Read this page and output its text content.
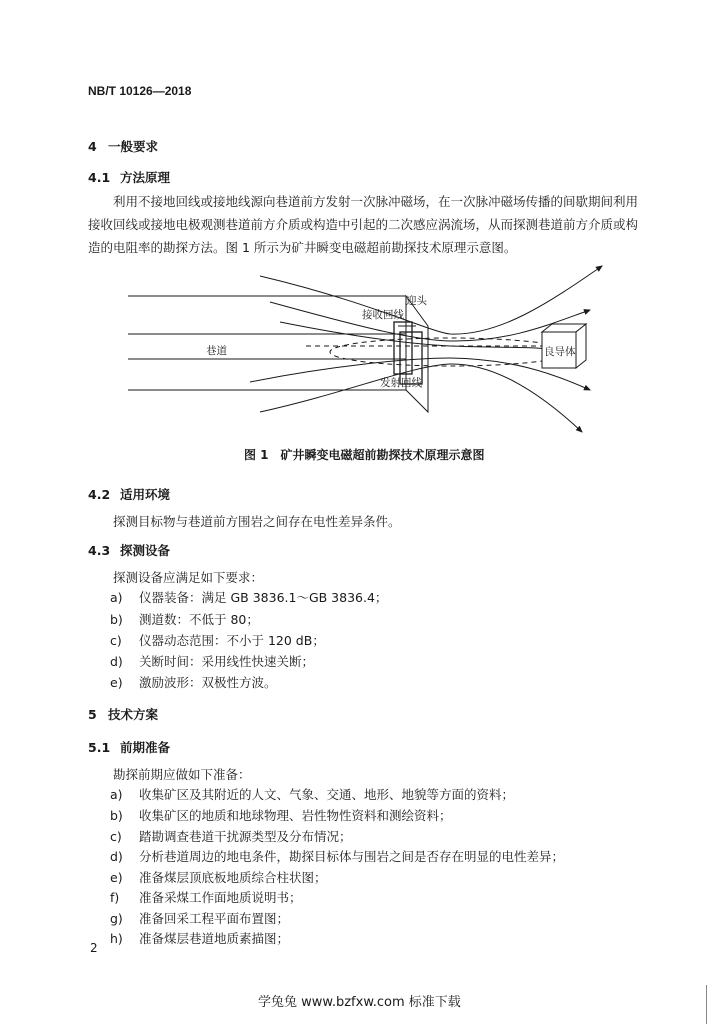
NB/T 10126—2018
4 一般要求
4.1 方法原理
利用不接地回线或接地线源向巷道前方发射一次脉冲磁场，在一次脉冲磁场传播的间歇期间利用
接收回线或接地电极观测巷道前方介质或构造中引起的二次感应涡流场，从而探测巷道前方介质或构
造的电阻率的勘探方法。图 1 所示为矿井瞬变电磁超前勘探技术原理示意图。
迎头
接收回线
巷道
发射回线
良导体
图 1　矿井瞬变电磁超前勘探技术原理示意图
4.2 适用环境
探测目标物与巷道前方围岩之间存在电性差异条件。
4.3 探测设备
探测设备应满足如下要求：
a) 仪器装备：满足 GB 3836.1～GB 3836.4；
b) 测道数：不低于 80；
c) 仪器动态范围：不小于 120 dB；
d) 关断时间：采用线性快速关断；
e) 激励波形：双极性方波。
5 技术方案
5.1 前期准备
勘探前期应做如下准备：
a) 收集矿区及其附近的人文、气象、交通、地形、地貌等方面的资料；
b) 收集矿区的地质和地球物理、岩性物性资料和测绘资料；
c) 踏勘调查巷道干扰源类型及分布情况；
d) 分析巷道周边的地电条件，勘探目标体与围岩之间是否存在明显的电性差异；
e) 准备煤层顶底板地质综合柱状图；
f) 准备采煤工作面地质说明书；
g) 准备回采工程平面布置图；
h) 准备煤层巷道地质素描图；
2
学兔兔 www.bzfxw.com 标准下载
